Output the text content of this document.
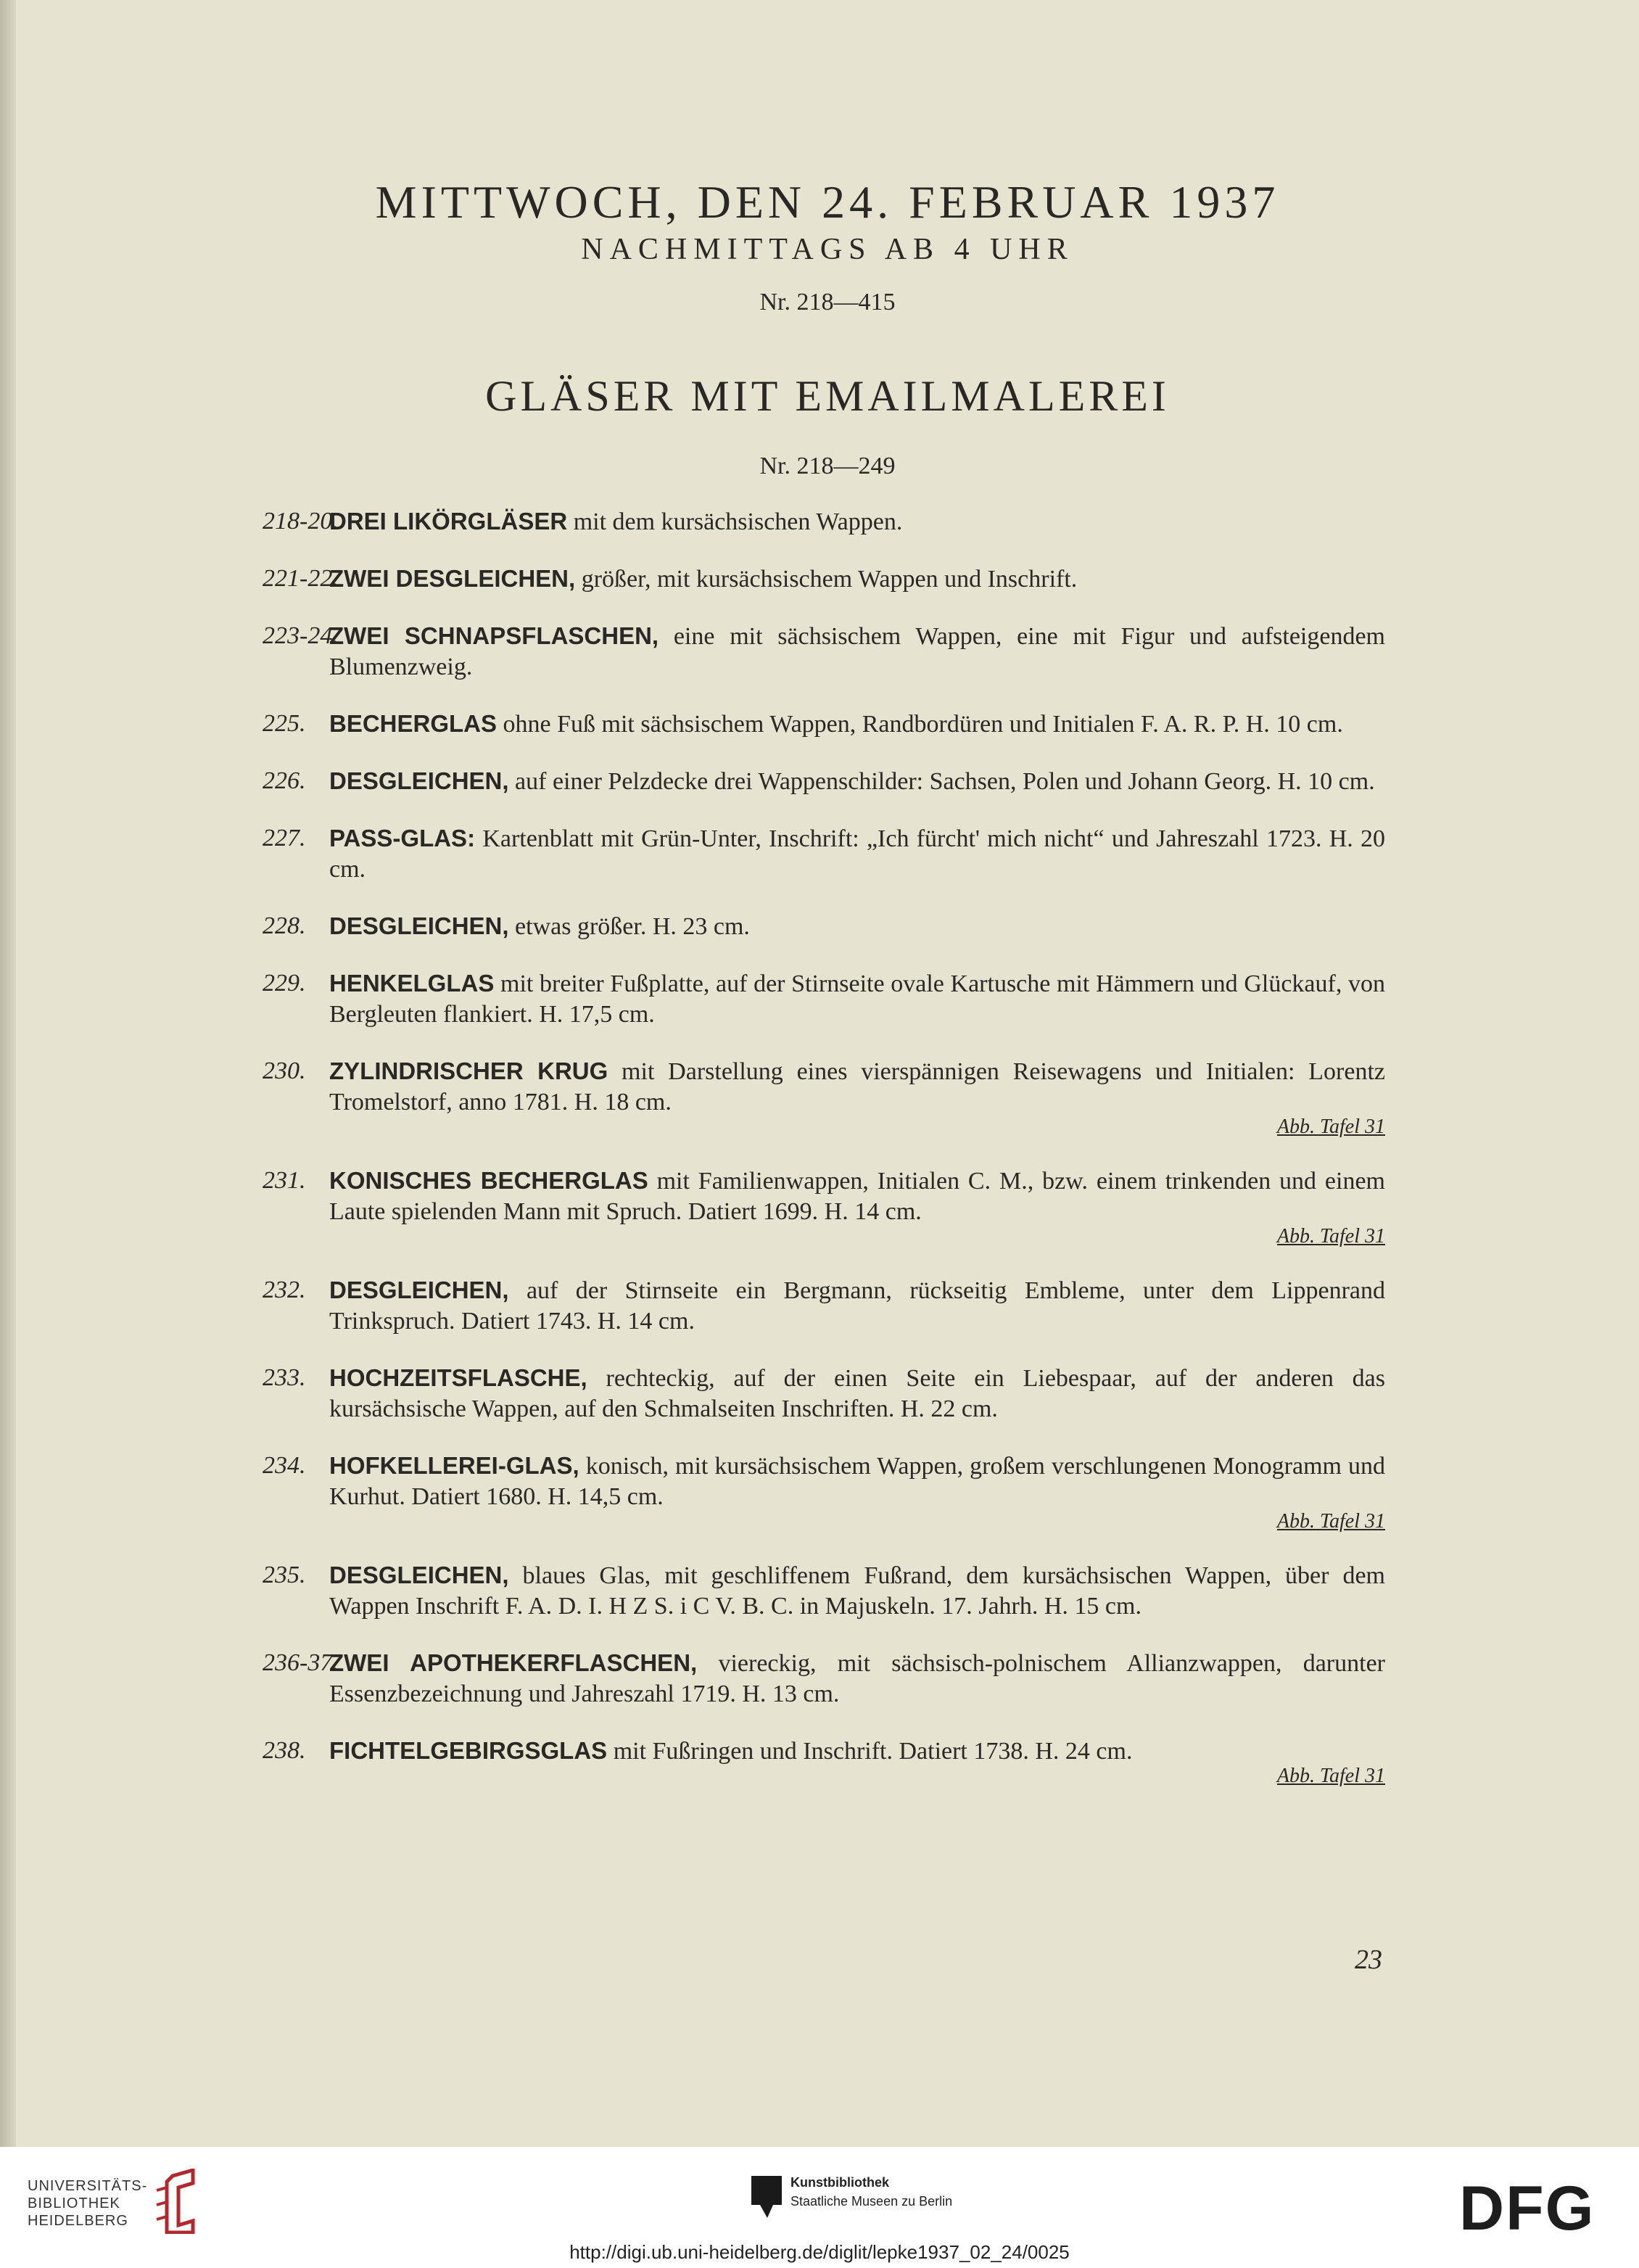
MITTWOCH, DEN 24. FEBRUAR 1937
NACHMITTAGS AB 4 UHR
Nr. 218—415
GLÄSER MIT EMAILMALEREI
Nr. 218—249
218-20.
DREI LIKÖRGLÄSER mit dem kursächsischen Wappen.
221-22.
ZWEI DESGLEICHEN, größer, mit kursächsischem Wappen und Inschrift.
223-24.
ZWEI SCHNAPSFLASCHEN, eine mit sächsischem Wappen, eine mit Figur und aufsteigendem Blumenzweig.
225. BECHERGLAS ohne Fuß mit sächsischem Wappen, Randbordüren und Initialen F. A. R. P. H. 10 cm.
226. DESGLEICHEN, auf einer Pelzdecke drei Wappenschilder: Sachsen, Polen und Johann Georg. H. 10 cm.
227. PASS-GLAS: Kartenblatt mit Grün-Unter, Inschrift: „Ich fürcht' mich nicht“ und Jahreszahl 1723. H. 20 cm.
228. DESGLEICHEN, etwas größer. H. 23 cm.
229. HENKELGLAS mit breiter Fußplatte, auf der Stirnseite ovale Kartusche mit Hämmern und Glückauf, von Bergleuten flankiert. H. 17,5 cm.
230. ZYLINDRISCHER KRUG mit Darstellung eines vierspännigen Reisewagens und Initialen: Lorentz Tromelstorf, anno 1781. H. 18 cm.
Abb. Tafel 31
231. KONISCHES BECHERGLAS mit Familienwappen, Initialen C. M., bzw. einem trinkenden und einem Laute spielenden Mann mit Spruch. Datiert 1699. H. 14 cm.
Abb. Tafel 31
232. DESGLEICHEN, auf der Stirnseite ein Bergmann, rückseitig Embleme, unter dem Lippenrand Trinkspruch. Datiert 1743. H. 14 cm.
233. HOCHZEITSFLASCHE, rechteckig, auf der einen Seite ein Liebespaar, auf der anderen das kursächsische Wappen, auf den Schmalseiten Inschriften. H. 22 cm.
234. HOFKELLEREI-GLAS, konisch, mit kursächsischem Wappen, großem verschlungenen Monogramm und Kurhut. Datiert 1680. H. 14,5 cm.
Abb. Tafel 31
235. DESGLEICHEN, blaues Glas, mit geschliffenem Fußrand, dem kursächsischen Wappen, über dem Wappen Inschrift F. A. D. I. H Z S. i C V. B. C. in Majuskeln. 17. Jahrh. H. 15 cm.
236-37.
ZWEI APOTHEKERFLASCHEN, viereckig, mit sächsisch-polnischem Allianzwappen, darunter Essenzbezeichnung und Jahreszahl 1719. H. 13 cm.
238. FICHTELGEBIRGSGLAS mit Fußringen und Inschrift. Datiert 1738. H. 24 cm.
Abb. Tafel 31
23
UNIVERSITÄTS-
BIBLIOTHEK
HEIDELBERG
Kunstbibliothek
Staatliche Museen zu Berlin	DFG
http://digi.ub.uni-heidelberg.de/diglit/lepke1937_02_24/0025
